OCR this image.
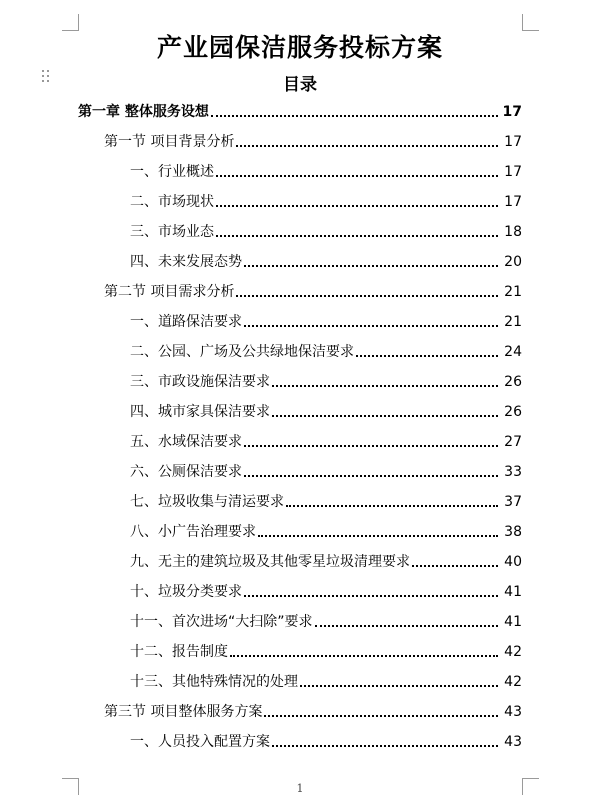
产业园保洁服务投标方案
目录
第一章 整体服务设想	17
第一节 项目背景分析	17
一、行业概述	17
二、市场现状	17
三、市场业态	18
四、未来发展态势	20
第二节 项目需求分析	21
一、道路保洁要求	21
二、公园、广场及公共绿地保洁要求	24
三、市政设施保洁要求	26
四、城市家具保洁要求	26
五、水域保洁要求	27
六、公厕保洁要求	33
七、垃圾收集与清运要求	37
八、小广告治理要求	38
九、无主的建筑垃圾及其他零星垃圾清理要求	40
十、垃圾分类要求	41
十一、首次进场“大扫除”要求	41
十二、报告制度	42
十三、其他特殊情况的处理	42
第三节 项目整体服务方案	43
一、人员投入配置方案	43
1
